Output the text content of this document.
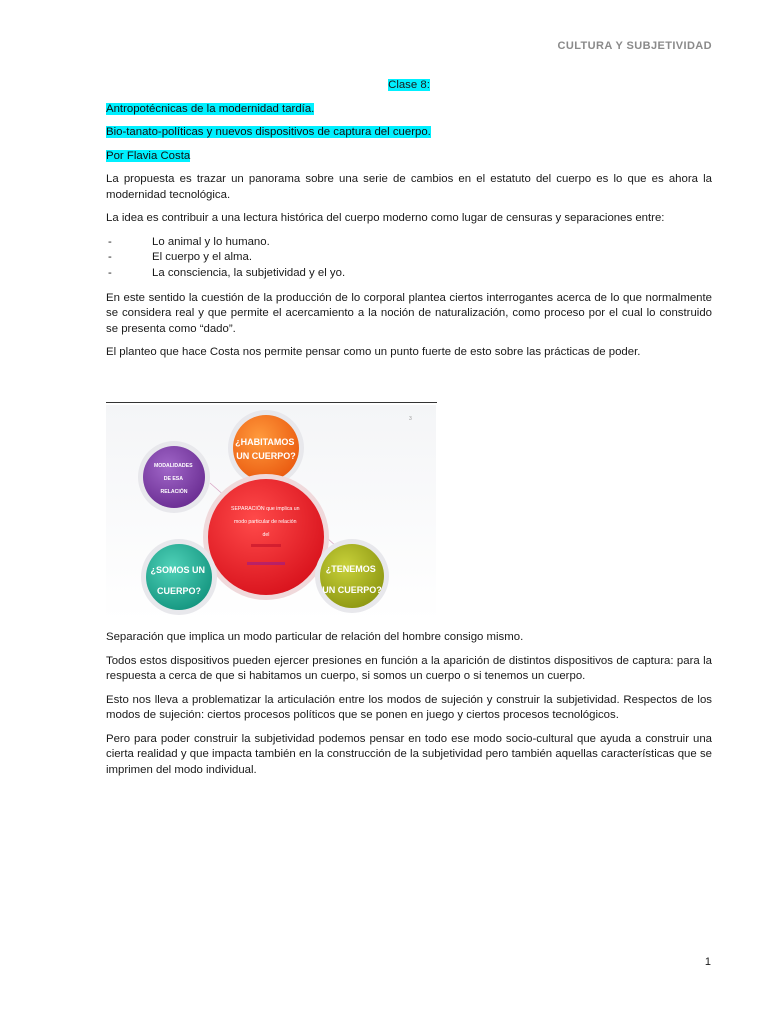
CULTURA Y SUBJETIVIDAD
Clase 8:
Antropotécnicas de la modernidad tardía.
Bio-tanato-políticas y nuevos dispositivos de captura del cuerpo.
Por Flavia Costa

La propuesta es trazar un panorama sobre una serie de cambios en el estatuto del cuerpo es lo que es ahora la modernidad tecnológica.

La idea es contribuir a una lectura histórica del cuerpo moderno como lugar de censuras y separaciones entre:

- Lo animal y lo humano.
- El cuerpo y el alma.
- La consciencia, la subjetividad y el yo.

En este sentido la cuestión de la producción de lo corporal plantea ciertos interrogantes acerca de lo que normalmente se considera real y que permite el acercamiento a la noción de naturalización, como proceso por el cual lo construido se presenta como “dado”.

El planteo que hace Costa nos permite pensar como un punto fuerte de esto sobre las prácticas de poder.

3
MODALIDADES DE ESA RELACIÓN
¿HABITAMOS UN CUERPO?
SEPARACIÓN que implica un modo particular de relación del
¿SOMOS UN CUERPO?
¿TENEMOS UN CUERPO?

Separación que implica un modo particular de relación del hombre consigo mismo.

Todos estos dispositivos pueden ejercer presiones en función a la aparición de distintos dispositivos de captura: para la respuesta a cerca de que si habitamos un cuerpo, si somos un cuerpo o si tenemos un cuerpo.

Esto nos lleva a problematizar la articulación entre los modos de sujeción y construir la subjetividad. Respectos de los modos de sujeción: ciertos procesos políticos que se ponen en juego y ciertos procesos tecnológicos.

Pero para poder construir la subjetividad podemos pensar en todo ese modo socio-cultural que ayuda a construir una cierta realidad y que impacta también en la construcción de la subjetividad pero también aquellas características que se imprimen del modo individual.

1
